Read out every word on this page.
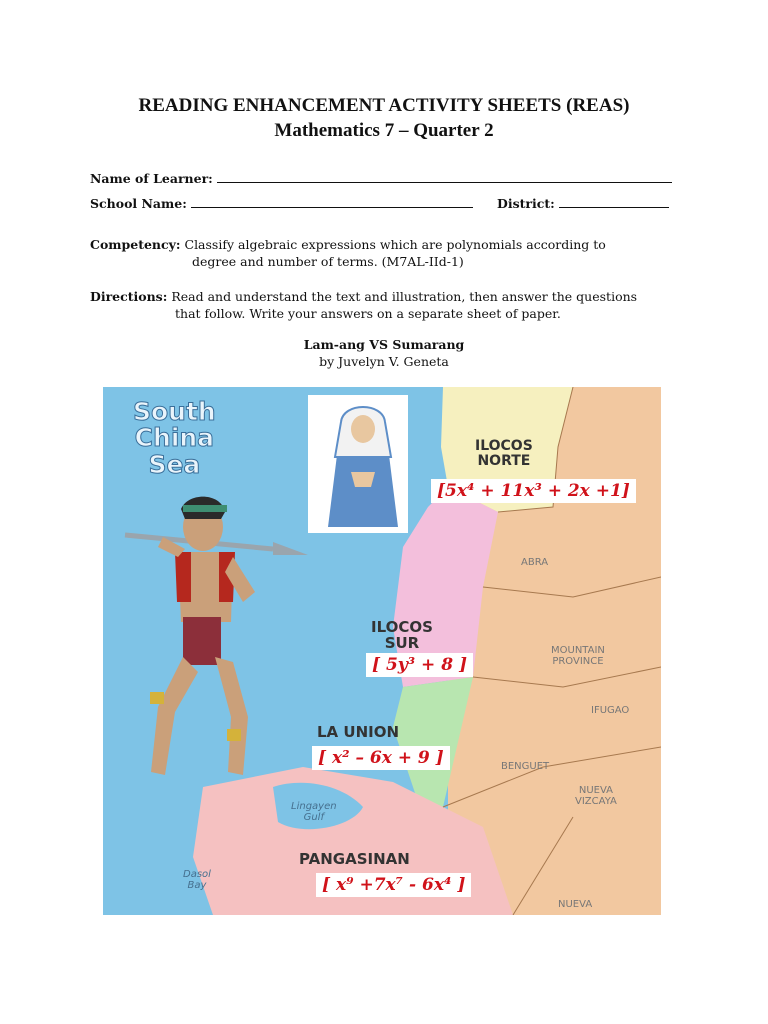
READING ENHANCEMENT ACTIVITY SHEETS (REAS)
Mathematics 7 – Quarter 2
Name of Learner:
School Name:	District:
Competency: Classify algebraic expressions which are polynomials according to
degree and number of terms. (M7AL-IId-1)
Directions: Read and understand the text and illustration, then answer the questions
that follow. Write your answers on a separate sheet of paper.
Lam-ang VS Sumarang
by Juvelyn V. Geneta
South
China
Sea
ILOCOS
NORTE
[5x⁴ + 11x³ + 2x +1]
ABRA
ILOCOS
SUR
[ 5y³ + 8 ]
MOUNTAIN
PROVINCE
IFUGAO
LA UNION
[ x² – 6x + 9 ]	BENGUET
NUEVA
VIZCAYA
Lingayen
Gulf
Dasol
Bay
PANGASINAN
[ x⁹ +7x⁷ - 6x⁴ ]
NUEVA
